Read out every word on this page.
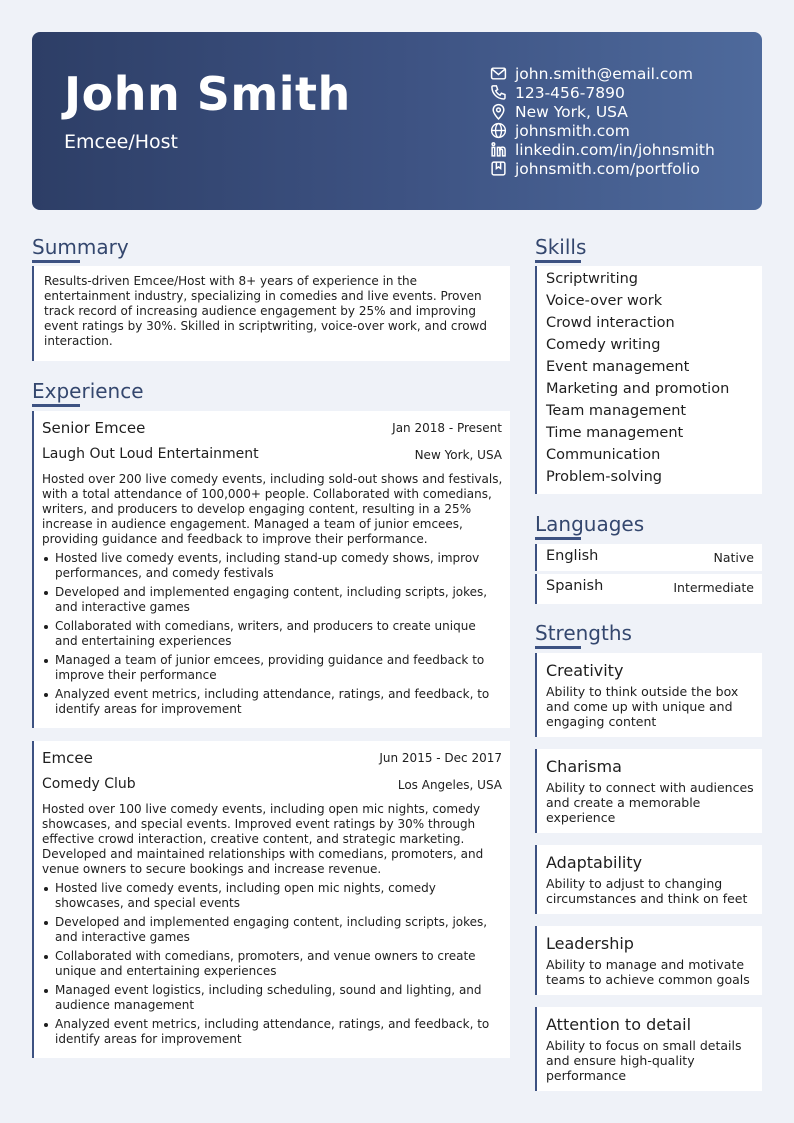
John Smith
Emcee/Host
john.smith@email.com
123-456-7890
New York, USA
johnsmith.com
linkedin.com/in/johnsmith
johnsmith.com/portfolio
Summary
Results-driven Emcee/Host with 8+ years of experience in the entertainment industry, specializing in comedies and live events. Proven track record of increasing audience engagement by 25% and improving event ratings by 30%. Skilled in scriptwriting, voice-over work, and crowd interaction.
Experience
Senior Emcee	Jan 2018 - Present
Laugh Out Loud Entertainment	New York, USA
Hosted over 200 live comedy events, including sold-out shows and festivals, with a total attendance of 100,000+ people. Collaborated with comedians, writers, and producers to develop engaging content, resulting in a 25% increase in audience engagement. Managed a team of junior emcees, providing guidance and feedback to improve their performance.
Hosted live comedy events, including stand-up comedy shows, improv performances, and comedy festivals
Developed and implemented engaging content, including scripts, jokes, and interactive games
Collaborated with comedians, writers, and producers to create unique and entertaining experiences
Managed a team of junior emcees, providing guidance and feedback to improve their performance
Analyzed event metrics, including attendance, ratings, and feedback, to identify areas for improvement
Emcee	Jun 2015 - Dec 2017
Comedy Club	Los Angeles, USA
Hosted over 100 live comedy events, including open mic nights, comedy showcases, and special events. Improved event ratings by 30% through effective crowd interaction, creative content, and strategic marketing. Developed and maintained relationships with comedians, promoters, and venue owners to secure bookings and increase revenue.
Hosted live comedy events, including open mic nights, comedy showcases, and special events
Developed and implemented engaging content, including scripts, jokes, and interactive games
Collaborated with comedians, promoters, and venue owners to create unique and entertaining experiences
Managed event logistics, including scheduling, sound and lighting, and audience management
Analyzed event metrics, including attendance, ratings, and feedback, to identify areas for improvement
Skills
Scriptwriting
Voice-over work
Crowd interaction
Comedy writing
Event management
Marketing and promotion
Team management
Time management
Communication
Problem-solving
Languages
English	Native
Spanish	Intermediate
Strengths
Creativity
Ability to think outside the box and come up with unique and engaging content
Charisma
Ability to connect with audiences and create a memorable experience
Adaptability
Ability to adjust to changing circumstances and think on feet
Leadership
Ability to manage and motivate teams to achieve common goals
Attention to detail
Ability to focus on small details and ensure high-quality performance
